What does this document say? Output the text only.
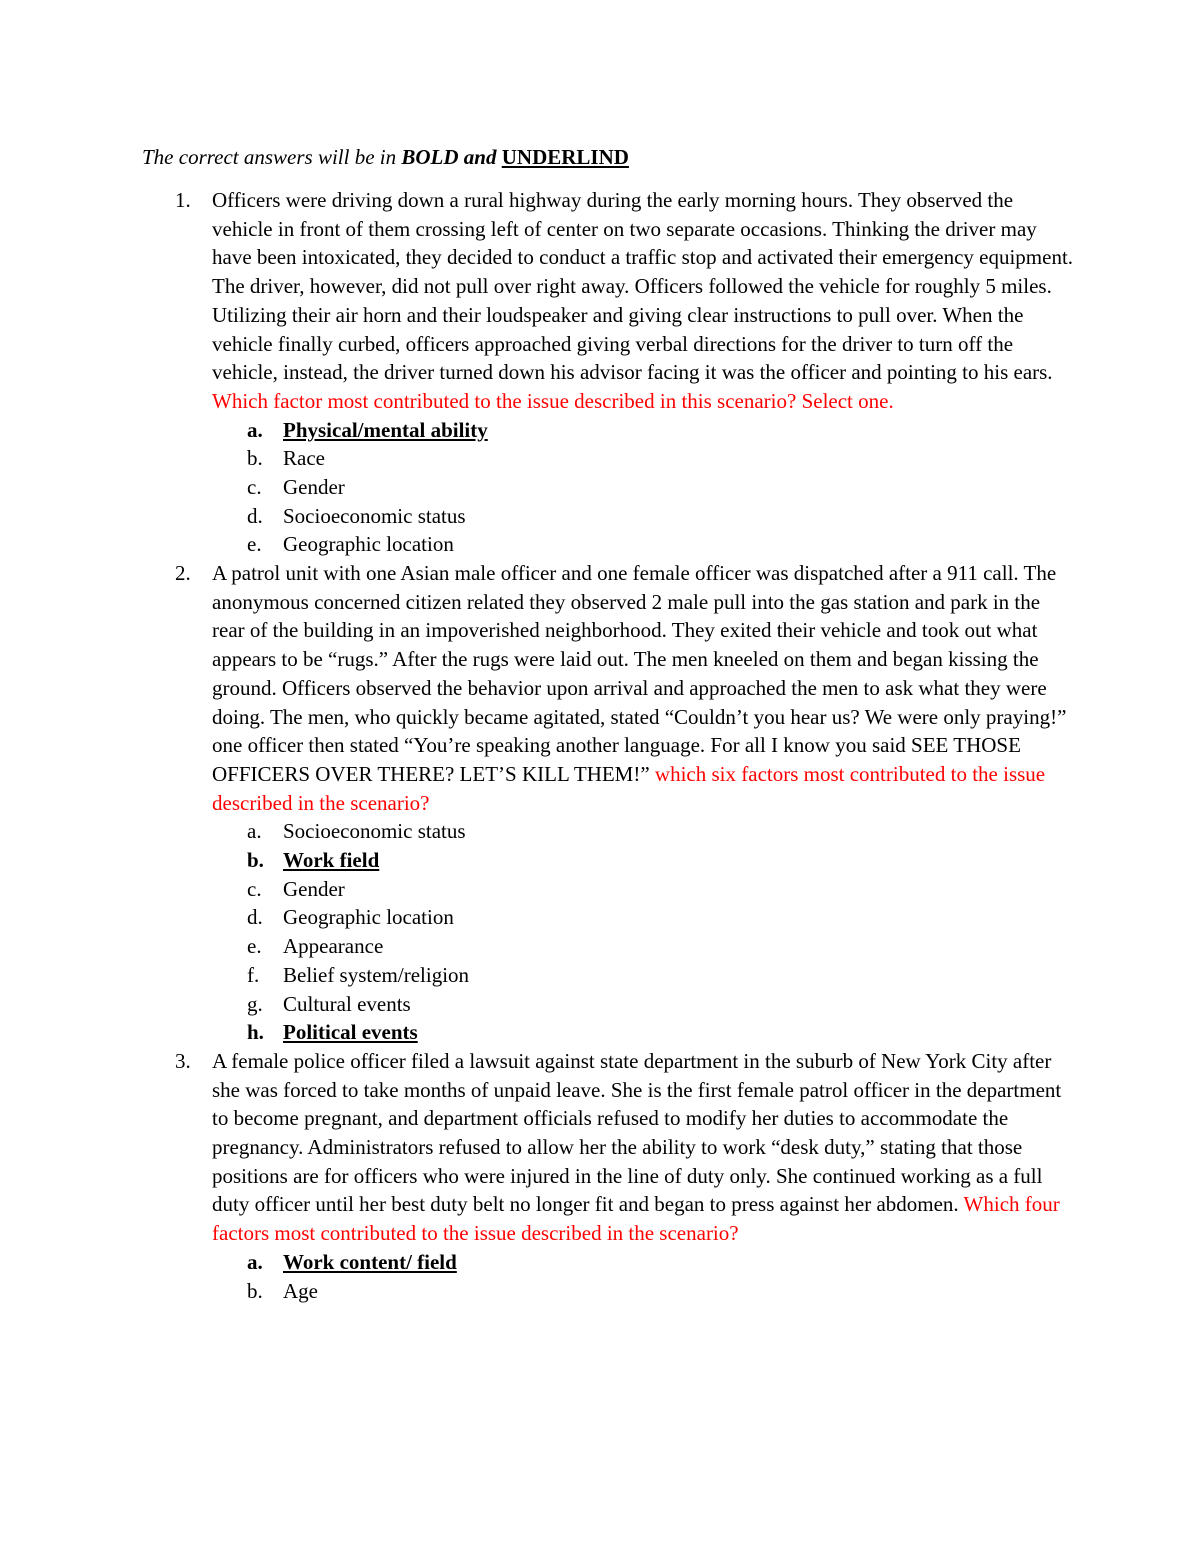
The correct answers will be in BOLD and UNDERLIND
1. Officers were driving down a rural highway during the early morning hours. They observed the vehicle in front of them crossing left of center on two separate occasions. Thinking the driver may have been intoxicated, they decided to conduct a traffic stop and activated their emergency equipment. The driver, however, did not pull over right away. Officers followed the vehicle for roughly 5 miles. Utilizing their air horn and their loudspeaker and giving clear instructions to pull over. When the vehicle finally curbed, officers approached giving verbal directions for the driver to turn off the vehicle, instead, the driver turned down his advisor facing it was the officer and pointing to his ears. Which factor most contributed to the issue described in this scenario? Select one.
a. Physical/mental ability
b. Race
c. Gender
d. Socioeconomic status
e. Geographic location
2. A patrol unit with one Asian male officer and one female officer was dispatched after a 911 call. The anonymous concerned citizen related they observed 2 male pull into the gas station and park in the rear of the building in an impoverished neighborhood. They exited their vehicle and took out what appears to be “rugs.” After the rugs were laid out. The men kneeled on them and began kissing the ground. Officers observed the behavior upon arrival and approached the men to ask what they were doing. The men, who quickly became agitated, stated “Couldn’t you hear us? We were only praying!” one officer then stated “You’re speaking another language. For all I know you said SEE THOSE OFFICERS OVER THERE? LET’S KILL THEM!” which six factors most contributed to the issue described in the scenario?
a. Socioeconomic status
b. Work field
c. Gender
d. Geographic location
e. Appearance
f. Belief system/religion
g. Cultural events
h. Political events
3. A female police officer filed a lawsuit against state department in the suburb of New York City after she was forced to take months of unpaid leave. She is the first female patrol officer in the department to become pregnant, and department officials refused to modify her duties to accommodate the pregnancy. Administrators refused to allow her the ability to work “desk duty,” stating that those positions are for officers who were injured in the line of duty only. She continued working as a full duty officer until her best duty belt no longer fit and began to press against her abdomen. Which four factors most contributed to the issue described in the scenario?
a. Work content/ field
b. Age
